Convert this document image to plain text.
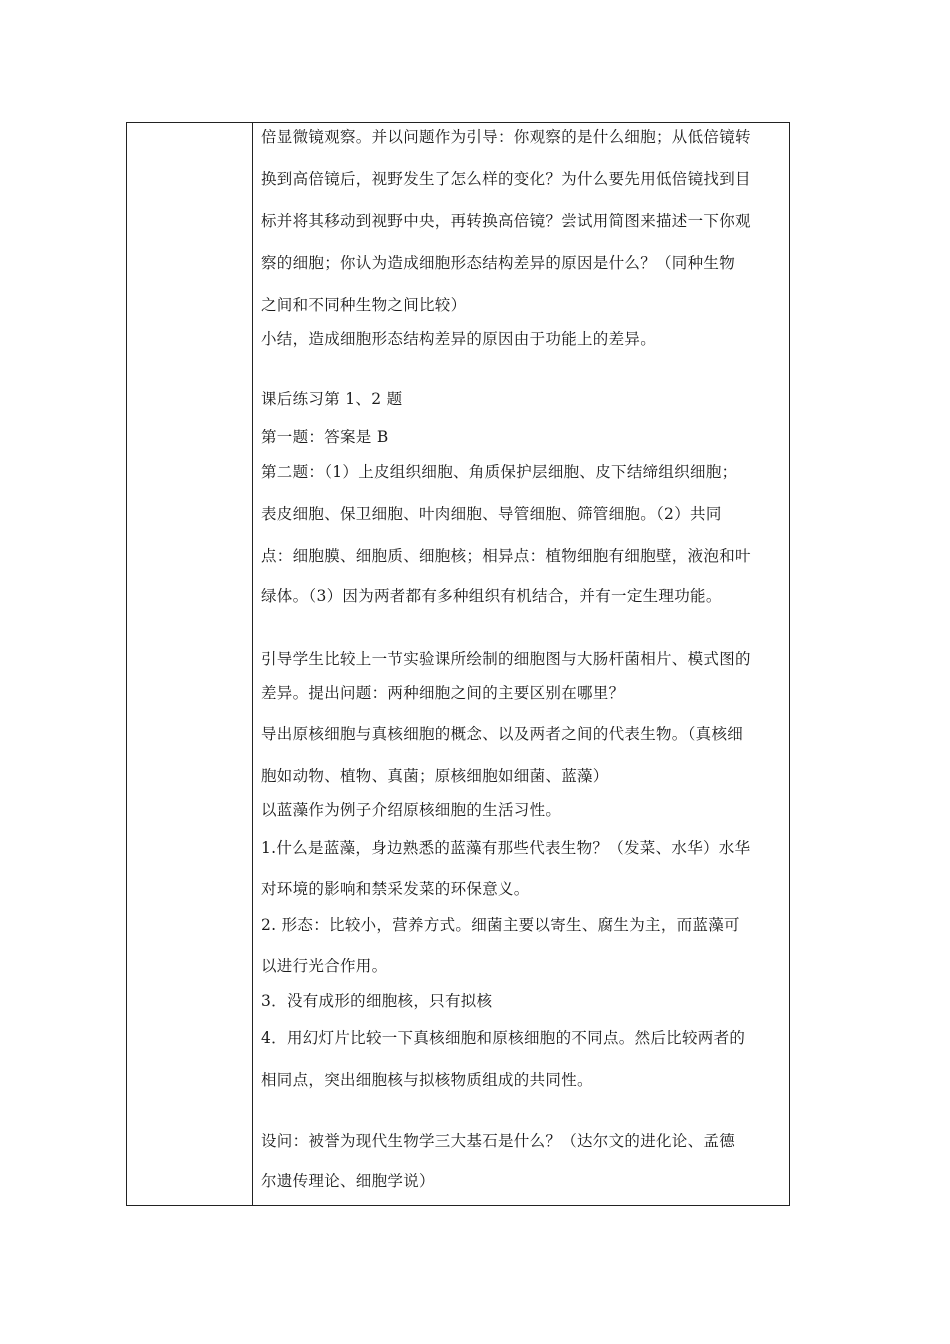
倍显微镜观察。并以问题作为引导：你观察的是什么细胞；从低倍镜转
换到高倍镜后，视野发生了怎么样的变化？为什么要先用低倍镜找到目
标并将其移动到视野中央，再转换高倍镜？尝试用简图来描述一下你观
察的细胞；你认为造成细胞形态结构差异的原因是什么？（同种生物
之间和不同种生物之间比较）
小结，造成细胞形态结构差异的原因由于功能上的差异。
课后练习第 1、2 题
第一题：答案是 B
第二题：（1）上皮组织细胞、角质保护层细胞、皮下结缔组织细胞；
表皮细胞、保卫细胞、叶肉细胞、导管细胞、筛管细胞。（2）共同
点：细胞膜、细胞质、细胞核；相异点：植物细胞有细胞壁，液泡和叶
绿体。（3）因为两者都有多种组织有机结合，并有一定生理功能。
引导学生比较上一节实验课所绘制的细胞图与大肠杆菌相片、模式图的
差异。提出问题：两种细胞之间的主要区别在哪里？
导出原核细胞与真核细胞的概念、以及两者之间的代表生物。（真核细
胞如动物、植物、真菌；原核细胞如细菌、蓝藻）
以蓝藻作为例子介绍原核细胞的生活习性。
1.什么是蓝藻，身边熟悉的蓝藻有那些代表生物？（发菜、水华）水华
对环境的影响和禁采发菜的环保意义。
2. 形态：比较小，营养方式。细菌主要以寄生、腐生为主，而蓝藻可
以进行光合作用。
3．没有成形的细胞核，只有拟核
4．用幻灯片比较一下真核细胞和原核细胞的不同点。然后比较两者的
相同点，突出细胞核与拟核物质组成的共同性。
设问：被誉为现代生物学三大基石是什么？（达尔文的进化论、孟德
尔遗传理论、细胞学说）
